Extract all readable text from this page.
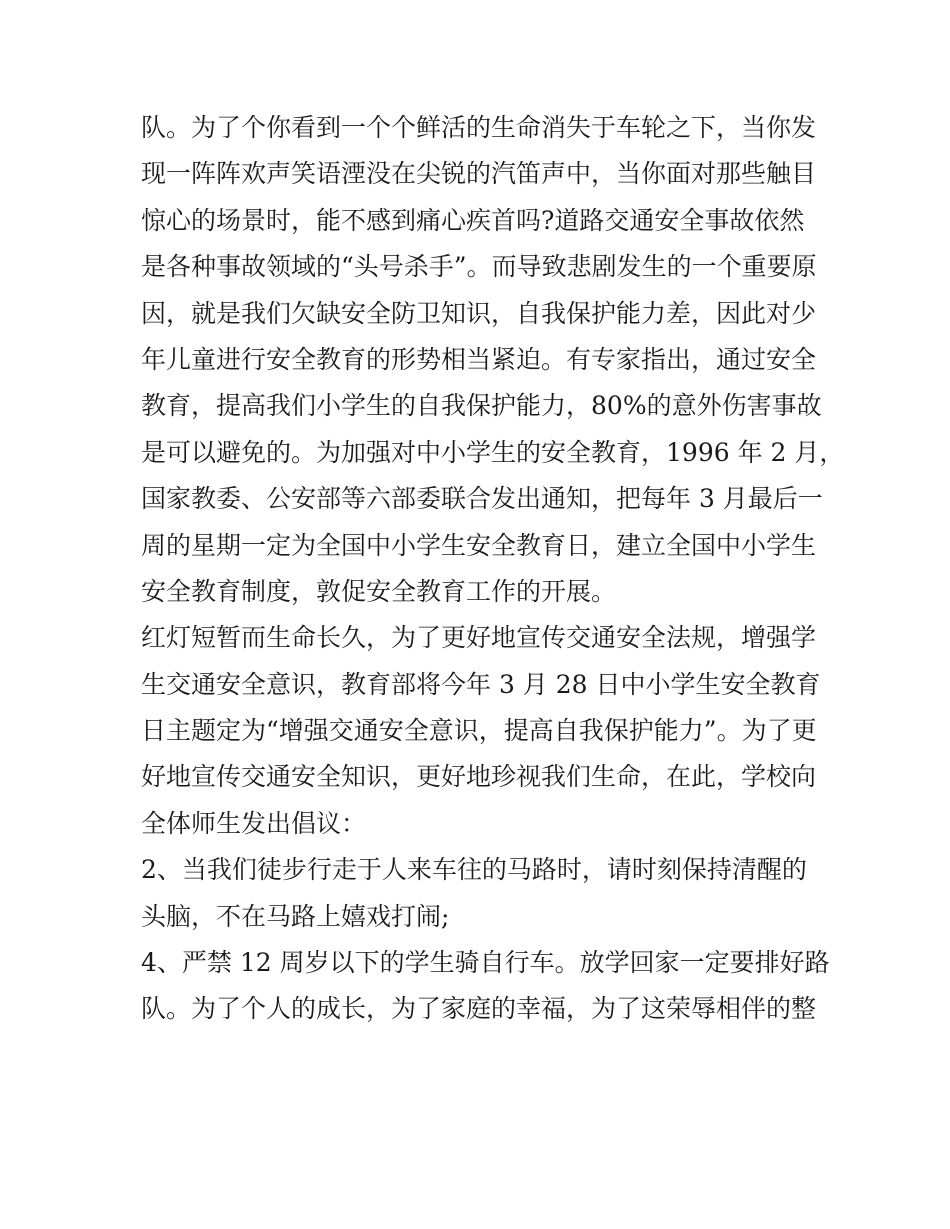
队。为了个你看到一个个鲜活的生命消失于车轮之下，当你发
现一阵阵欢声笑语湮没在尖锐的汽笛声中，当你面对那些触目
惊心的场景时，能不感到痛心疾首吗?道路交通安全事故依然
是各种事故领域的“头号杀手”。而导致悲剧发生的一个重要原
因，就是我们欠缺安全防卫知识，自我保护能力差，因此对少
年儿童进行安全教育的形势相当紧迫。有专家指出，通过安全
教育，提高我们小学生的自我保护能力，80%的意外伤害事故
是可以避免的。为加强对中小学生的安全教育，1996 年 2 月，
国家教委、公安部等六部委联合发出通知，把每年 3 月最后一
周的星期一定为全国中小学生安全教育日，建立全国中小学生
安全教育制度，敦促安全教育工作的开展。
红灯短暂而生命长久，为了更好地宣传交通安全法规，增强学
生交通安全意识，教育部将今年 3 月 28 日中小学生安全教育
日主题定为“增强交通安全意识，提高自我保护能力”。为了更
好地宣传交通安全知识，更好地珍视我们生命，在此，学校向
全体师生发出倡议：
2、当我们徒步行走于人来车往的马路时，请时刻保持清醒的
头脑，不在马路上嬉戏打闹;
4、严禁 12 周岁以下的学生骑自行车。放学回家一定要排好路
队。为了个人的成长，为了家庭的幸福，为了这荣辱相伴的整
